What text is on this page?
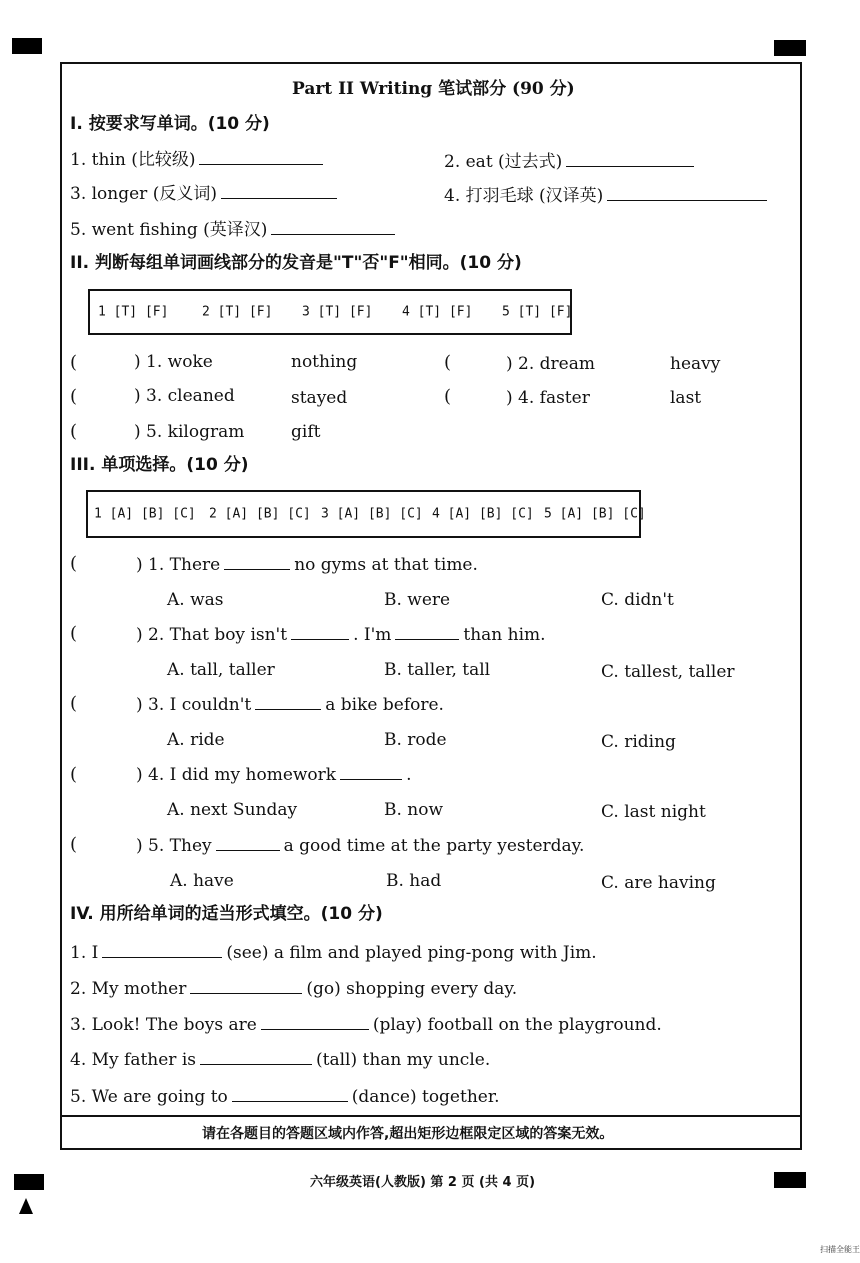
Part II Writing 笔试部分 (90 分)
I. 按要求写单词。(10 分)
1. thin (比较级)	2. eat (过去式)
3. longer (反义词)	4. 打羽毛球 (汉译英)
5. went fishing (英译汉)
II. 判断每组单词画线部分的发音是"T"否"F"相同。(10 分)
1 [T] [F]	2 [T] [F] 3 [T] [F] 4 [T] [F] 5 [T] [F]
(	) 1. woke	nothing	(	) 2. dream	heavy
(	) 3. cleaned	stayed	(	) 4. faster	last
(	) 5. kilogram	gift
III. 单项选择。(10 分)
1 [A] [B] [C] 2 [A] [B] [C] 3 [A] [B] [C] 4 [A] [B] [C] 5 [A] [B] [C]
(	) 1. There	no gyms at that time.
A. was	B. were	C. didn't
(	) 2. That boy isn't	. I'm	than him.
A. tall, taller	B. taller, tall	C. tallest, taller
(	) 3. I couldn't	a bike before.
A. ride	B. rode	C. riding
(	) 4. I did my homework	.
A. next Sunday	B. now	C. last night
(	) 5. They	a good time at the party yesterday.
A. have	B. had	C. are having
IV. 用所给单词的适当形式填空。(10 分)
1. I	(see) a film and played ping-pong with Jim.
2. My mother	(go) shopping every day.
3. Look! The boys are	(play) football on the playground.
4. My father is	(tall) than my uncle.
5. We are going to	(dance) together.
请在各题目的答题区域内作答,超出矩形边框限定区域的答案无效。
六年级英语(人教版) 第 2 页 (共 4 页)
扫描全能王
